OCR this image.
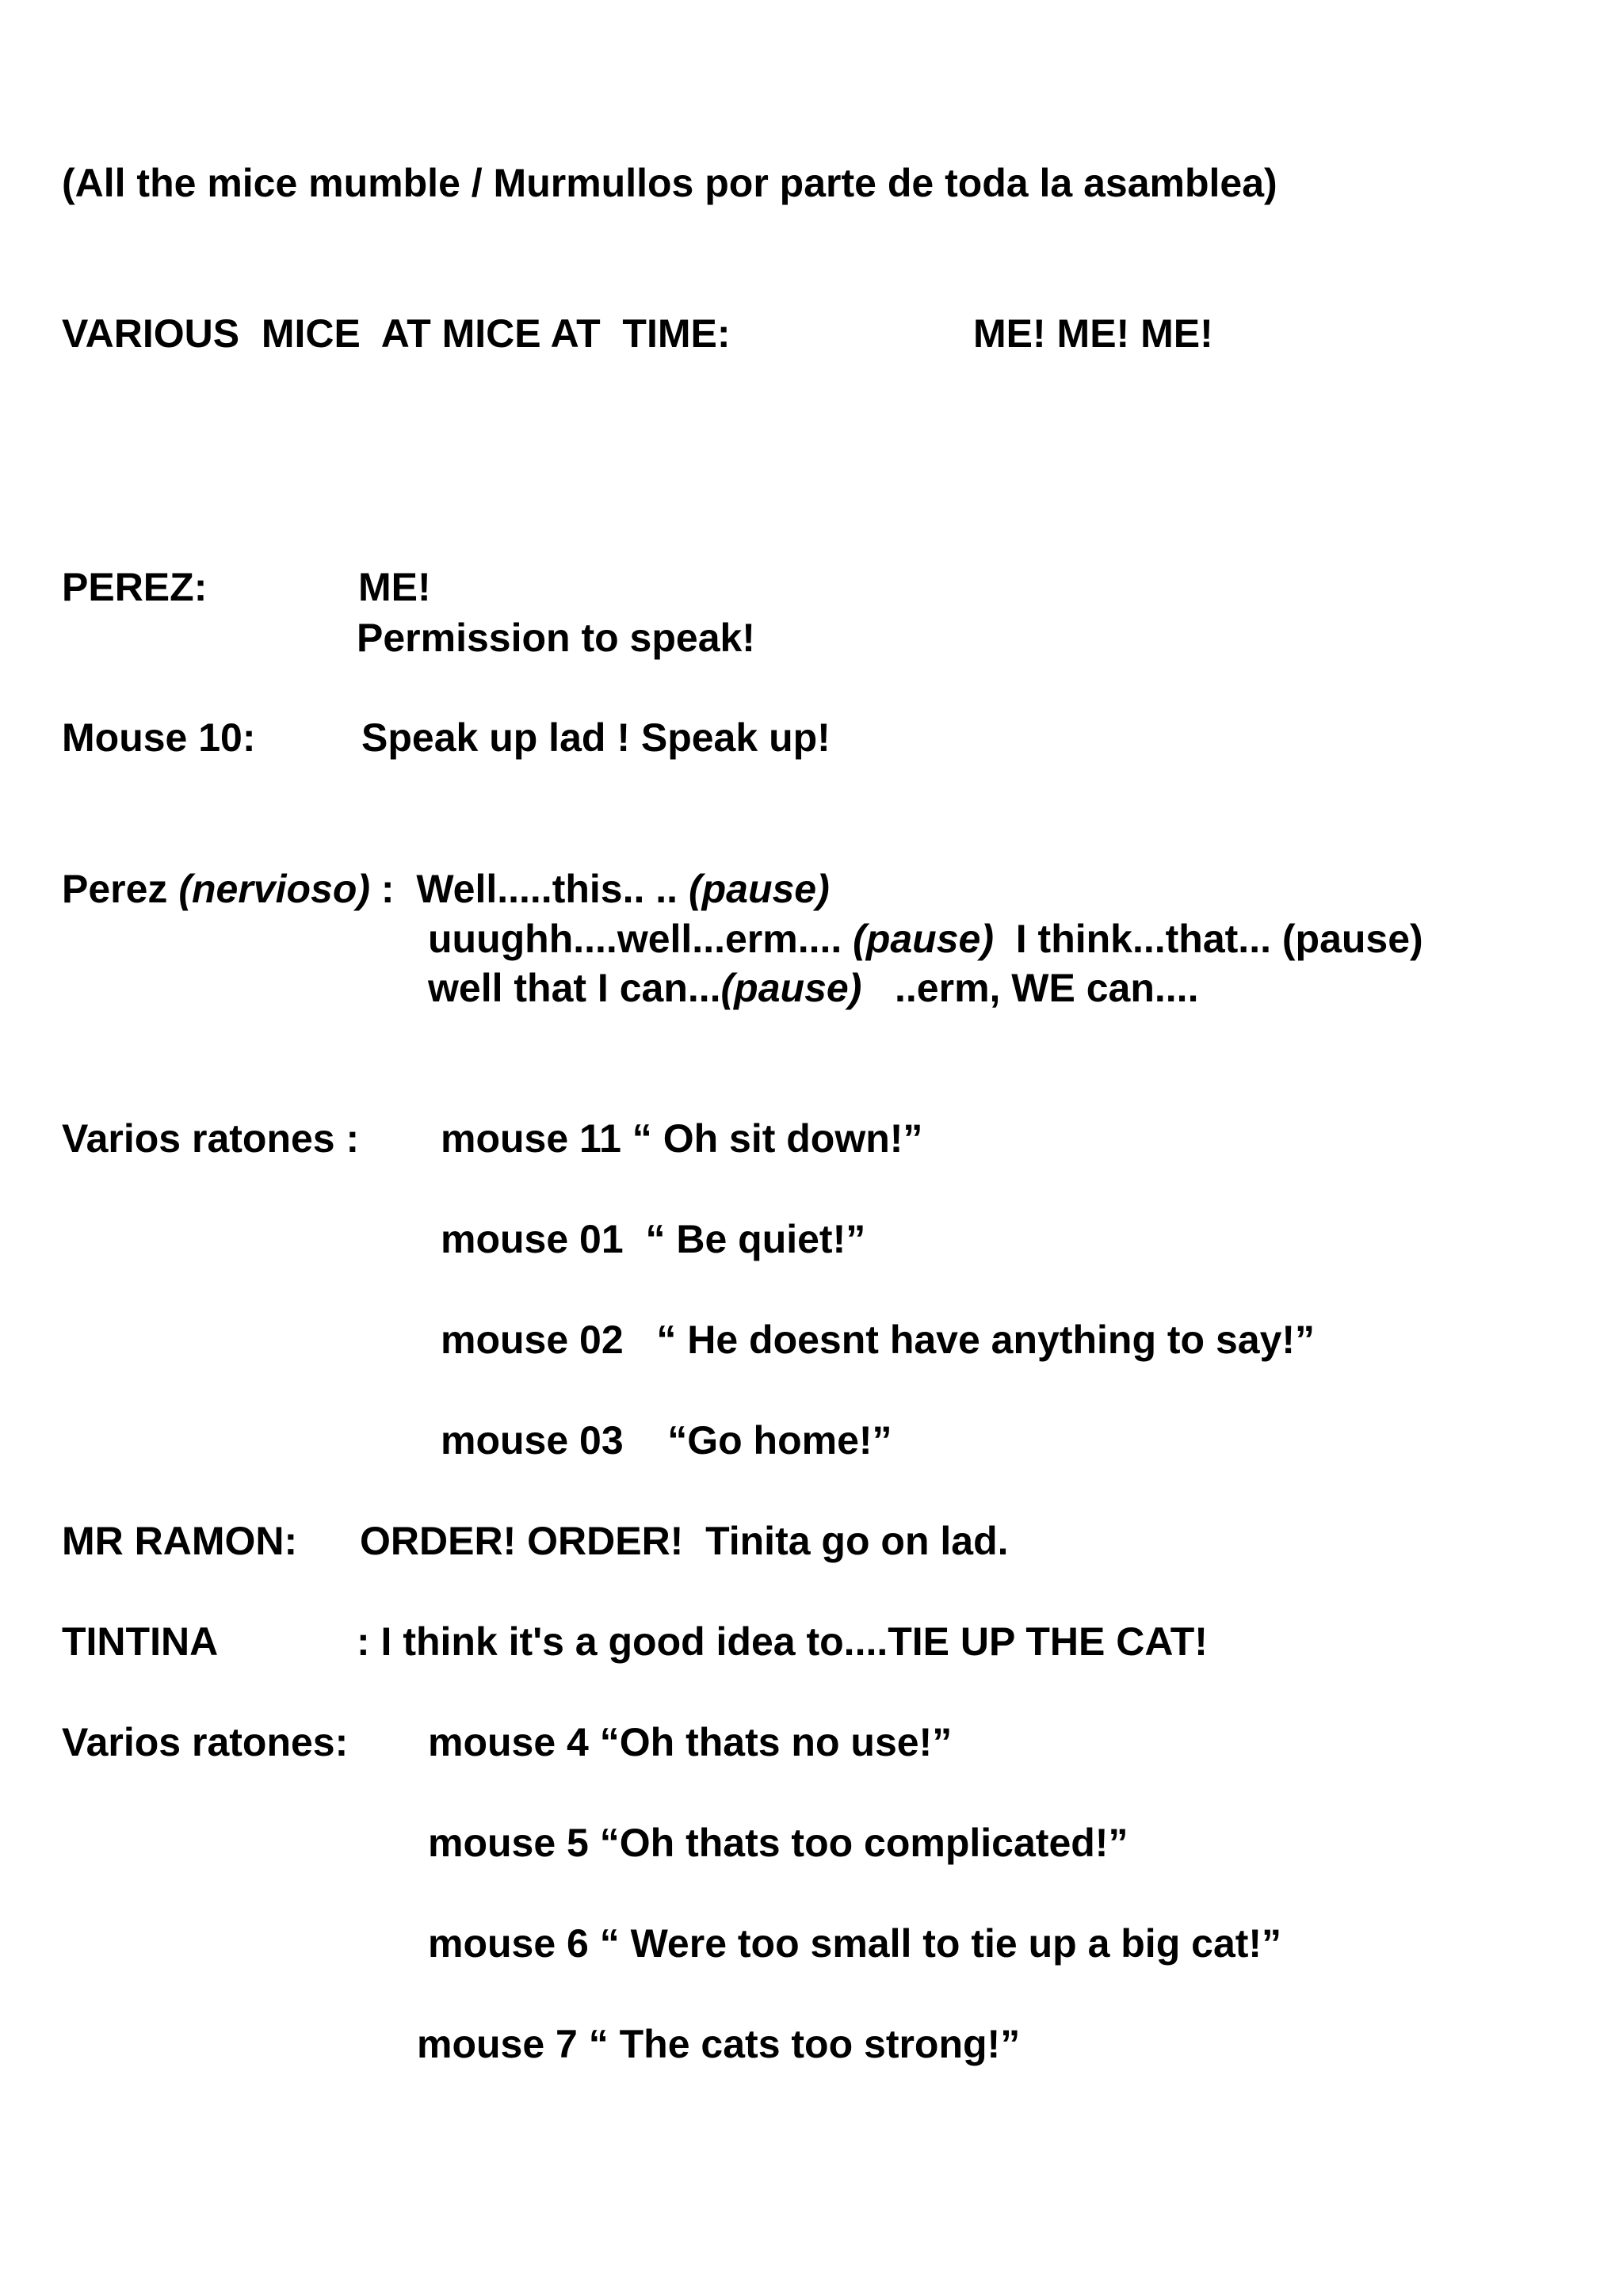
(All the mice mumble / Murmullos por parte de toda la asamblea)
VARIOUS  MICE  AT MICE AT  TIME:	ME! ME! ME!
PEREZ:	ME!
Permission to speak!
Mouse 10:	Speak up lad ! Speak up!
Perez (nervioso) :  Well.....this.. .. (pause)
uuughh....well...erm.... (pause)  I think...that... (pause)
well that I can...(pause)   ..erm, WE can....
Varios ratones : mouse 11 “ Oh sit down!”
mouse 01  “ Be quiet!”
mouse 02   “ He doesnt have anything to say!”
mouse 03    “Go home!”
MR RAMON: ORDER! ORDER!  Tinita go on lad.
TINTINA	: I think it's a good idea to....TIE UP THE CAT!
Varios ratones: mouse 4 “Oh thats no use!”
mouse 5 “Oh thats too complicated!”
mouse 6 “ Were too small to tie up a big cat!”
mouse 7 “ The cats too strong!”
